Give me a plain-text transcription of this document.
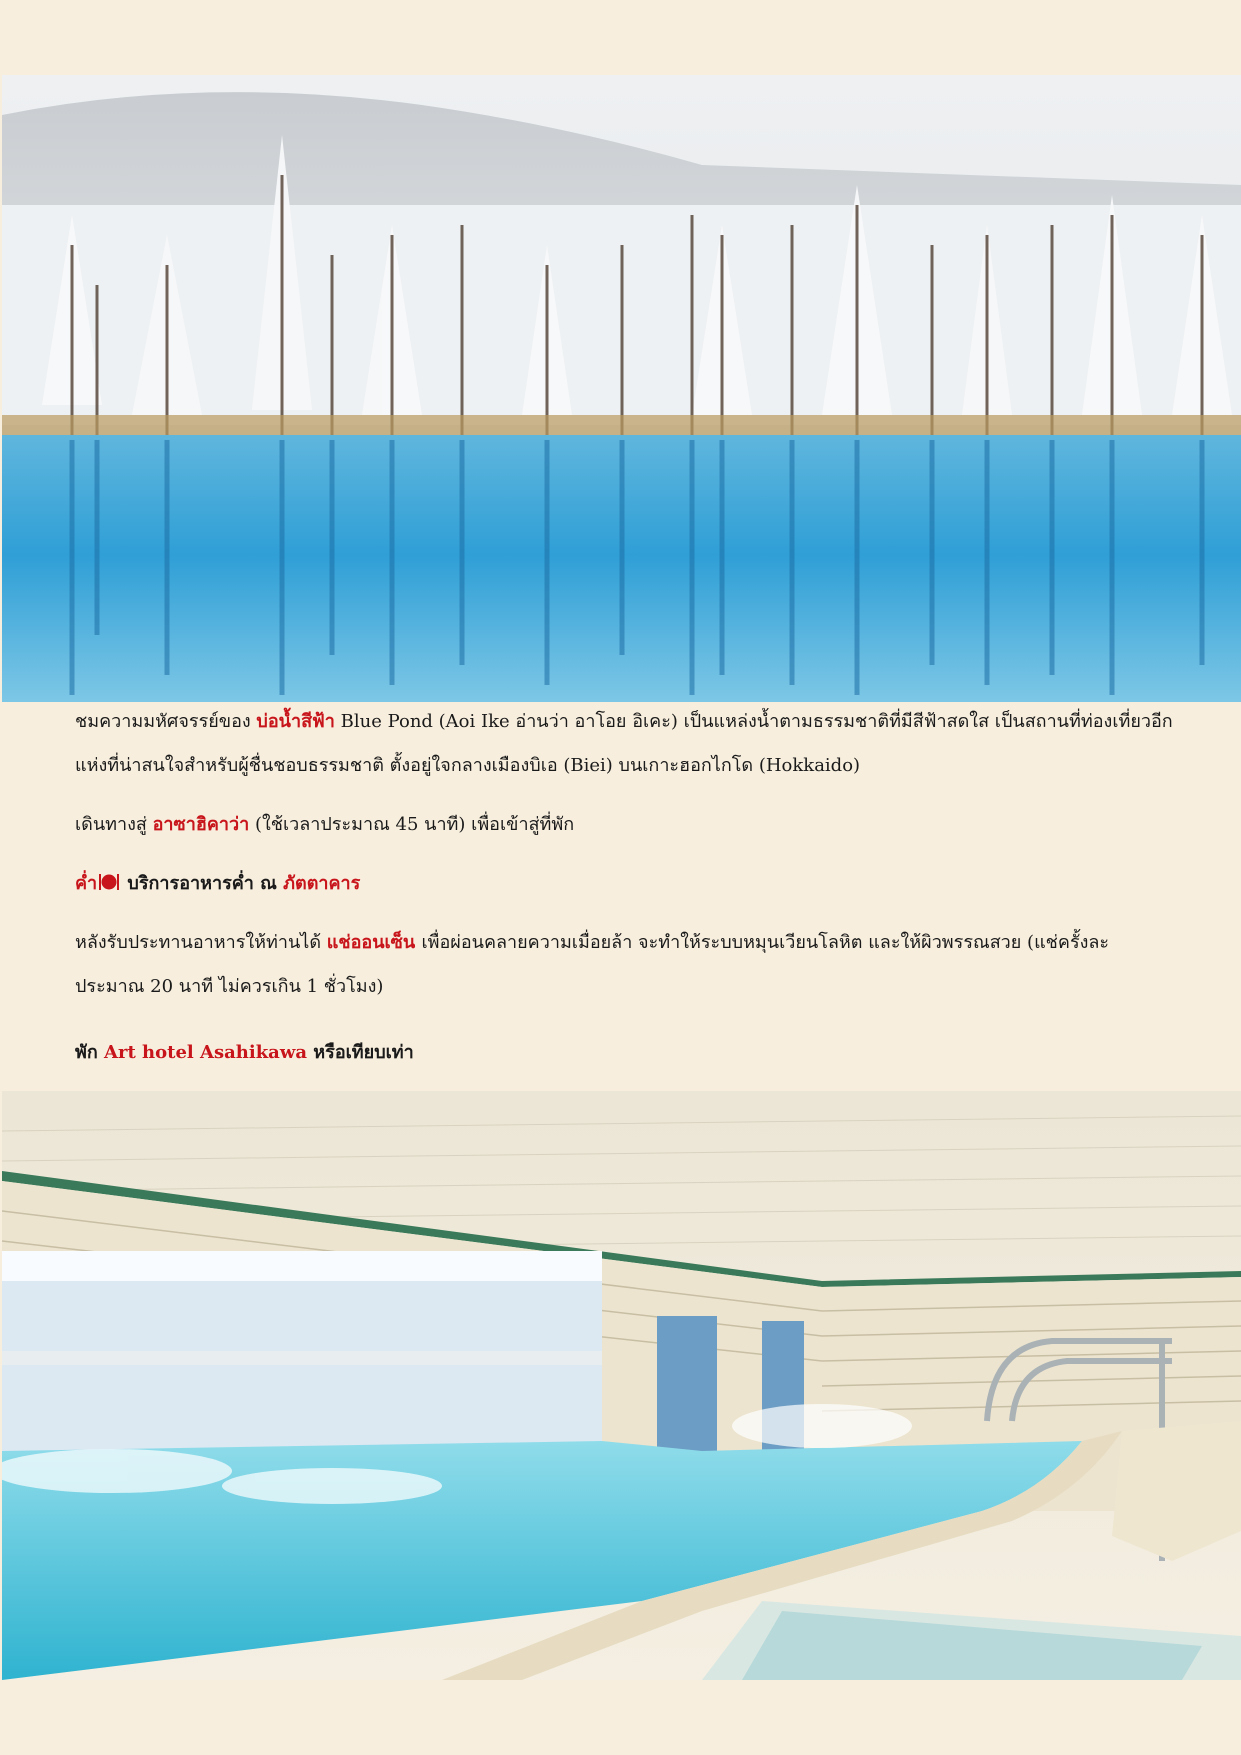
ชมความมหัศจรรย์ของ บ่อน้ำสีฟ้า Blue Pond (Aoi Ike อ่านว่า อาโอย อิเคะ) เป็นแหล่งน้ำตามธรรมชาติที่มีสีฟ้าสดใส เป็นสถานที่ท่องเที่ยวอีกแห่งที่น่าสนใจสำหรับผู้ชื่นชอบธรรมชาติ ตั้งอยู่ใจกลางเมืองบิเอ (Biei) บนเกาะฮอกไกโด (Hokkaido)

เดินทางสู่ อาซาฮิคาว่า (ใช้เวลาประมาณ 45 นาที) เพื่อเข้าสู่ที่พัก

ค่ำ บริการอาหารค่ำ ณ ภัตตาคาร

หลังรับประทานอาหารให้ท่านได้ แช่ออนเซ็น เพื่อผ่อนคลายความเมื่อยล้า จะทำให้ระบบหมุนเวียนโลหิต และให้ผิวพรรณสวย (แช่ครั้งละประมาณ 20 นาที ไม่ควรเกิน 1 ชั่วโมง)

พัก Art hotel Asahikawa หรือเทียบเท่า
